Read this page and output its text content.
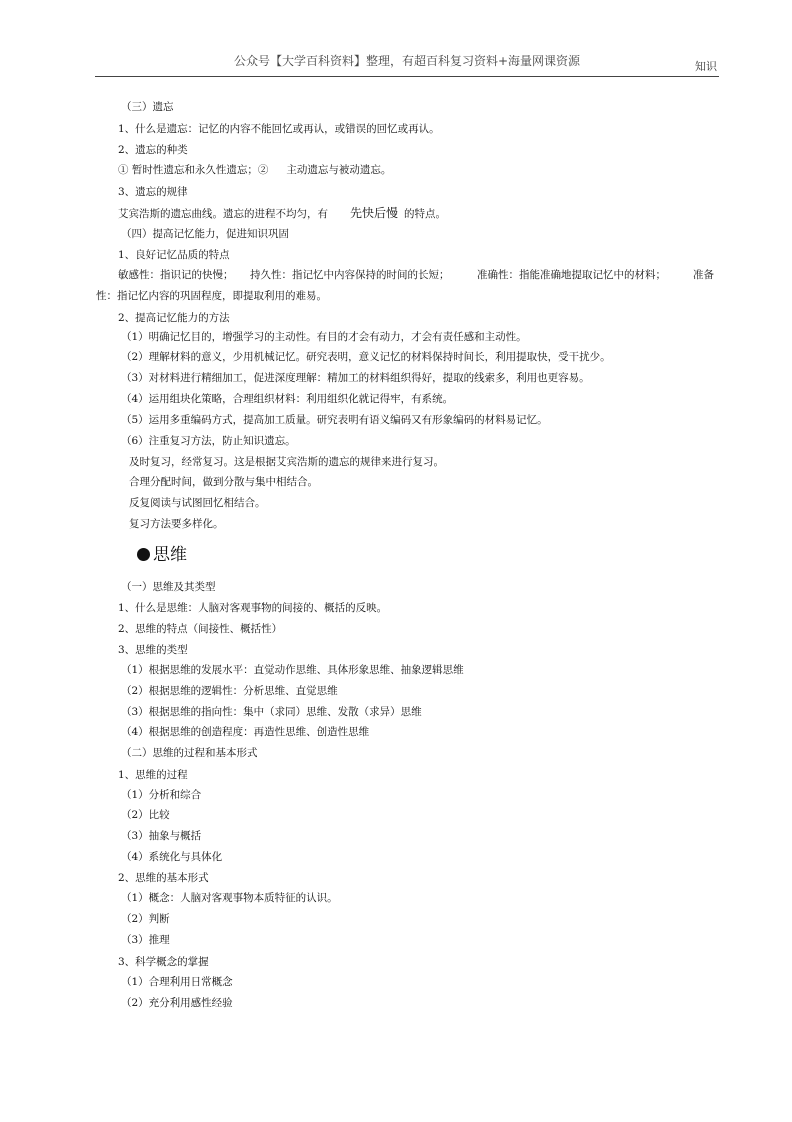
公众号【大学百科资料】整理，有超百科复习资料+海量网课资源	知识
（三）遗忘
1、什么是遗忘：记忆的内容不能回忆或再认，或错误的回忆或再认。
2、遗忘的种类
① 暂时性遗忘和永久性遗忘；② 主动遗忘与被动遗忘。
3、遗忘的规律
艾宾浩斯的遗忘曲线。遗忘的进程不均匀，有 先快后慢 的特点。
（四）提高记忆能力，促进知识巩固
1、良好记忆品质的特点
敏感性：指识记的快慢； 持久性：指记忆中内容保持的时间的长短；	准确性：指能准确地提取记忆中的材料；	准备
性：指记忆内容的巩固程度，即提取利用的难易。
2、提高记忆能力的方法
（1）明确记忆目的，增强学习的主动性。有目的才会有动力，才会有责任感和主动性。
（2）理解材料的意义，少用机械记忆。研究表明，意义记忆的材料保持时间长，利用提取快，受干扰少。
（3）对材料进行精细加工，促进深度理解：精加工的材料组织得好，提取的线索多，利用也更容易。
（4）运用组块化策略，合理组织材料：利用组织化就记得牢，有系统。
（5）运用多重编码方式，提高加工质量。研究表明有语义编码又有形象编码的材料易记忆。
（6）注重复习方法，防止知识遗忘。
及时复习，经常复习。这是根据艾宾浩斯的遗忘的规律来进行复习。
合理分配时间，做到分散与集中相结合。
反复阅读与试图回忆相结合。
复习方法要多样化。
思维
（一）思维及其类型
1、什么是思维：人脑对客观事物的间接的、概括的反映。
2、思维的特点（间接性、概括性）
3、思维的类型
（1）根据思维的发展水平：直觉动作思维、具体形象思维、抽象逻辑思维
（2）根据思维的逻辑性：分析思维、直觉思维
（3）根据思维的指向性：集中（求同）思维、发散（求异）思维
（4）根据思维的创造程度：再造性思维、创造性思维
（二）思维的过程和基本形式
1、思维的过程
（1）分析和综合
（2）比较
（3）抽象与概括
（4）系统化与具体化
2、思维的基本形式
（1）概念：人脑对客观事物本质特征的认识。
（2）判断
（3）推理
3、科学概念的掌握
（1）合理利用日常概念
（2）充分利用感性经验
